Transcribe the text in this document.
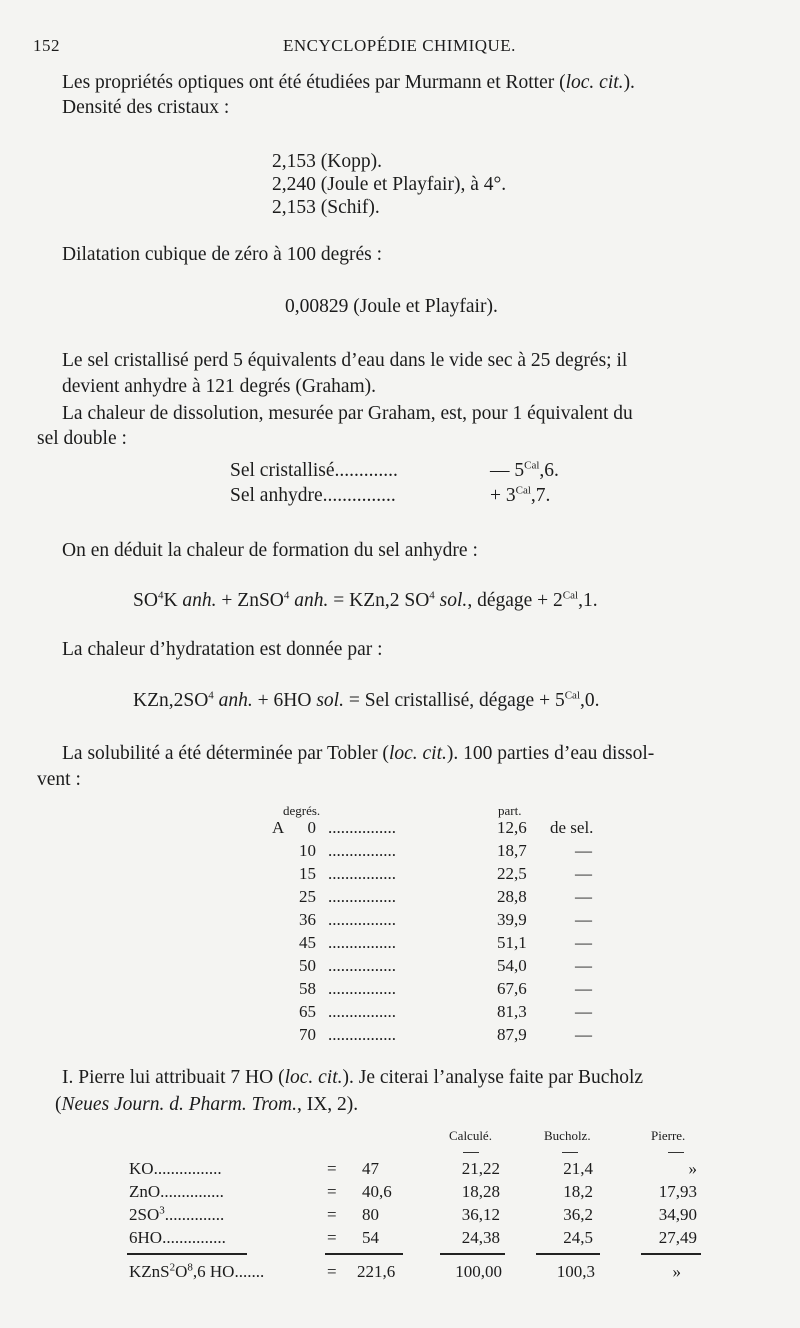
152	ENCYCLOPÉDIE CHIMIQUE.
Les propriétés optiques ont été étudiées par Murmann et Rotter (loc. cit.).
Densité des cristaux :
2,153 (Kopp).
2,240 (Joule et Playfair), à 4°.
2,153 (Schif).
Dilatation cubique de zéro à 100 degrés :
0,00829 (Joule et Playfair).
Le sel cristallisé perd 5 équivalents d’eau dans le vide sec à 25 degrés; il
devient anhydre à 121 degrés (Graham).
La chaleur de dissolution, mesurée par Graham, est, pour 1 équivalent du
sel double :
Sel cristallisé.............	— $5^{Cal},6$.
Sel anhydre...............	+ $3^{Cal},7$.
On en déduit la chaleur de formation du sel anhydre :
$SO^4K$ anh. + ZnSO$^4$ anh. = KZn,2 $SO^4$ sol., dégage + $2^{Cal},1$.
La chaleur d’hydratation est donnée par :
$KZn,2SO^4$ anh. + 6HO sol. = Sel cristallisé, dégage + $5^{Cal},0$.
La solubilité a été déterminée par Tobler (loc. cit.). 100 parties d’eau dissol-
vent :
degrés.	part.
A	0 ................	12,6 de sel.
10 ................	18,7	—
15 ................	22,5	—
25 ................	28,8	—
36 ................	39,9	—
45 ................	51,1	—
50 ................	54,0	—
58 ................	67,6	—
65 ................	81,3	—
70 ................	87,9	—
I. Pierre lui attribuait 7 HO (loc. cit.). Je citerai l’analyse faite par Bucholz
(Neues Journ. d. Pharm. Trom., IX, 2).
Calculé.	Bucholz.	Pierre.
KO................	= 47	21,22	21,4	»
ZnO...............	= 40,6	18,28	18,2	17,93
$2SO^3$..............	= 80	36,12	36,2	34,90
6HO...............	= 54	24,38	24,5	27,49
$KZnS^2O^8,6$ HO.......	= 221,6	100,00	100,3	»
